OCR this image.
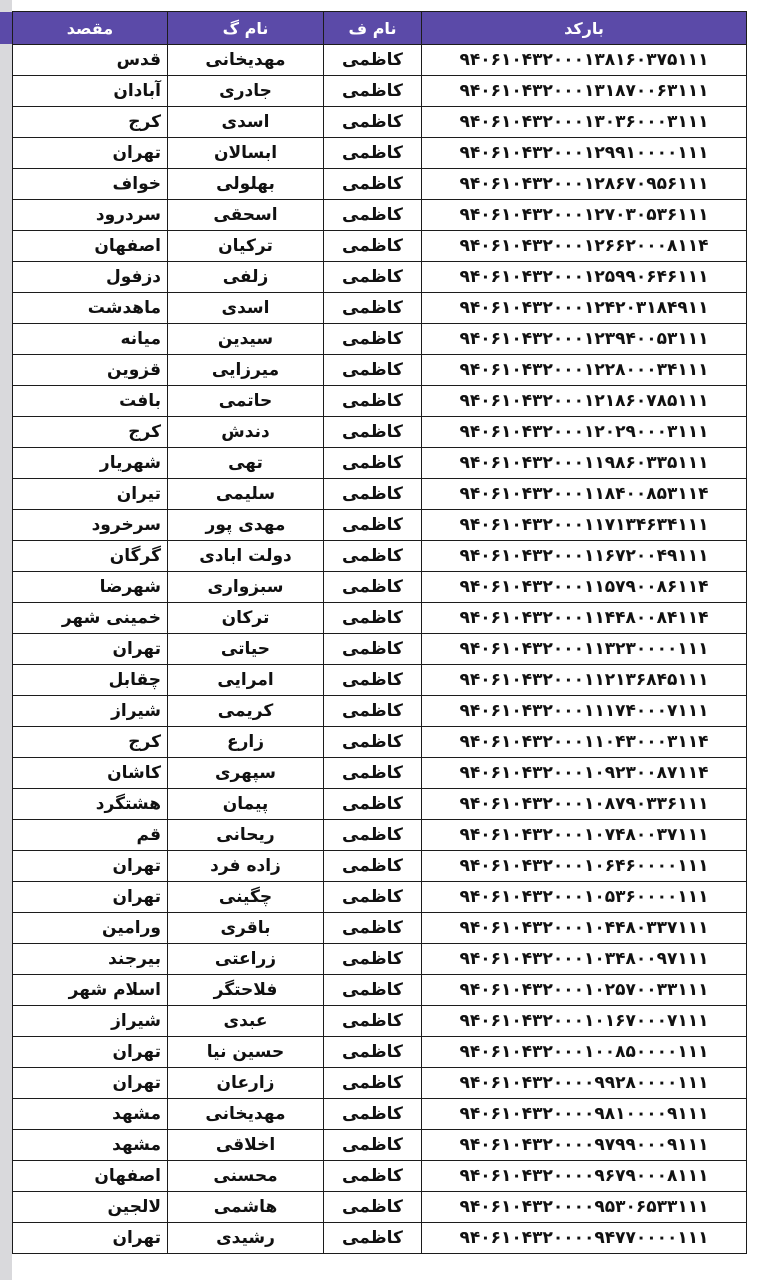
بارکد	نام ف	نام گ	مقصد
۹۴۰۶۱۰۴۳۲۰۰۰۱۳۸۱۶۰۳۷۵۱۱۱	کاظمی	مهدیخانی	قدس
۹۴۰۶۱۰۴۳۲۰۰۰۱۳۱۸۷۰۰۶۳۱۱۱	کاظمی	جادری	آبادان
۹۴۰۶۱۰۴۳۲۰۰۰۱۳۰۳۶۰۰۰۳۱۱۱	کاظمی	اسدی	کرج
۹۴۰۶۱۰۴۳۲۰۰۰۱۲۹۹۱۰۰۰۰۱۱۱	کاظمی	ابسالان	تهران
۹۴۰۶۱۰۴۳۲۰۰۰۱۲۸۶۷۰۹۵۶۱۱۱	کاظمی	بهلولی	خواف
۹۴۰۶۱۰۴۳۲۰۰۰۱۲۷۰۳۰۵۳۶۱۱۱	کاظمی	اسحقی	سردرود
۹۴۰۶۱۰۴۳۲۰۰۰۱۲۶۶۲۰۰۰۸۱۱۴	کاظمی	ترکیان	اصفهان
۹۴۰۶۱۰۴۳۲۰۰۰۱۲۵۹۹۰۶۴۶۱۱۱	کاظمی	زلفی	دزفول
۹۴۰۶۱۰۴۳۲۰۰۰۱۲۴۲۰۳۱۸۴۹۱۱	کاظمی	اسدی	ماهدشت
۹۴۰۶۱۰۴۳۲۰۰۰۱۲۳۹۴۰۰۵۳۱۱۱	کاظمی	سیدین	میانه
۹۴۰۶۱۰۴۳۲۰۰۰۱۲۲۸۰۰۰۳۴۱۱۱	کاظمی	میرزایی	قزوین
۹۴۰۶۱۰۴۳۲۰۰۰۱۲۱۸۶۰۷۸۵۱۱۱	کاظمی	حاتمی	بافت
۹۴۰۶۱۰۴۳۲۰۰۰۱۲۰۲۹۰۰۰۳۱۱۱	کاظمی	دندش	کرج
۹۴۰۶۱۰۴۳۲۰۰۰۱۱۹۸۶۰۳۳۵۱۱۱	کاظمی	تهی	شهریار
۹۴۰۶۱۰۴۳۲۰۰۰۱۱۸۴۰۰۸۵۳۱۱۴	کاظمی	سلیمی	تیران
۹۴۰۶۱۰۴۳۲۰۰۰۱۱۷۱۳۴۶۳۴۱۱۱	کاظمی	مهدی پور	سرخرود
۹۴۰۶۱۰۴۳۲۰۰۰۱۱۶۷۲۰۰۴۹۱۱۱	کاظمی	دولت ابادی	گرگان
۹۴۰۶۱۰۴۳۲۰۰۰۱۱۵۷۹۰۰۸۶۱۱۴	کاظمی	سبزواری	شهرضا
۹۴۰۶۱۰۴۳۲۰۰۰۱۱۴۴۸۰۰۸۴۱۱۴	کاظمی	ترکان	خمینی شهر
۹۴۰۶۱۰۴۳۲۰۰۰۱۱۳۲۳۰۰۰۰۱۱۱	کاظمی	حیاتی	تهران
۹۴۰۶۱۰۴۳۲۰۰۰۱۱۲۱۳۶۸۴۵۱۱۱	کاظمی	امرایی	چقابل
۹۴۰۶۱۰۴۳۲۰۰۰۱۱۱۷۴۰۰۰۷۱۱۱	کاظمی	کریمی	شیراز
۹۴۰۶۱۰۴۳۲۰۰۰۱۱۰۴۳۰۰۰۳۱۱۴	کاظمی	زارع	کرج
۹۴۰۶۱۰۴۳۲۰۰۰۱۰۹۲۳۰۰۸۷۱۱۴	کاظمی	سپهری	کاشان
۹۴۰۶۱۰۴۳۲۰۰۰۱۰۸۷۹۰۳۳۶۱۱۱	کاظمی	پیمان	هشتگرد
۹۴۰۶۱۰۴۳۲۰۰۰۱۰۷۴۸۰۰۳۷۱۱۱	کاظمی	ریحانی	قم
۹۴۰۶۱۰۴۳۲۰۰۰۱۰۶۴۶۰۰۰۰۱۱۱	کاظمی	زاده فرد	تهران
۹۴۰۶۱۰۴۳۲۰۰۰۱۰۵۳۶۰۰۰۰۱۱۱	کاظمی	چگینی	تهران
۹۴۰۶۱۰۴۳۲۰۰۰۱۰۴۴۸۰۳۳۷۱۱۱	کاظمی	باقری	ورامین
۹۴۰۶۱۰۴۳۲۰۰۰۱۰۳۴۸۰۰۹۷۱۱۱	کاظمی	زراعتی	بیرجند
۹۴۰۶۱۰۴۳۲۰۰۰۱۰۲۵۷۰۰۳۳۱۱۱	کاظمی	فلاحتگر	اسلام شهر
۹۴۰۶۱۰۴۳۲۰۰۰۱۰۱۶۷۰۰۰۷۱۱۱	کاظمی	عبدی	شیراز
۹۴۰۶۱۰۴۳۲۰۰۰۱۰۰۸۵۰۰۰۰۱۱۱	کاظمی	حسین نیا	تهران
۹۴۰۶۱۰۴۳۲۰۰۰۰۹۹۲۸۰۰۰۰۱۱۱	کاظمی	زارعان	تهران
۹۴۰۶۱۰۴۳۲۰۰۰۰۹۸۱۰۰۰۰۹۱۱۱	کاظمی	مهدیخانی	مشهد
۹۴۰۶۱۰۴۳۲۰۰۰۰۹۷۹۹۰۰۰۹۱۱۱	کاظمی	اخلاقی	مشهد
۹۴۰۶۱۰۴۳۲۰۰۰۰۹۶۷۹۰۰۰۸۱۱۱	کاظمی	محسنی	اصفهان
۹۴۰۶۱۰۴۳۲۰۰۰۰۹۵۳۰۶۵۳۳۱۱۱	کاظمی	هاشمی	لالجین
۹۴۰۶۱۰۴۳۲۰۰۰۰۹۴۷۷۰۰۰۰۱۱۱	کاظمی	رشیدی	تهران
